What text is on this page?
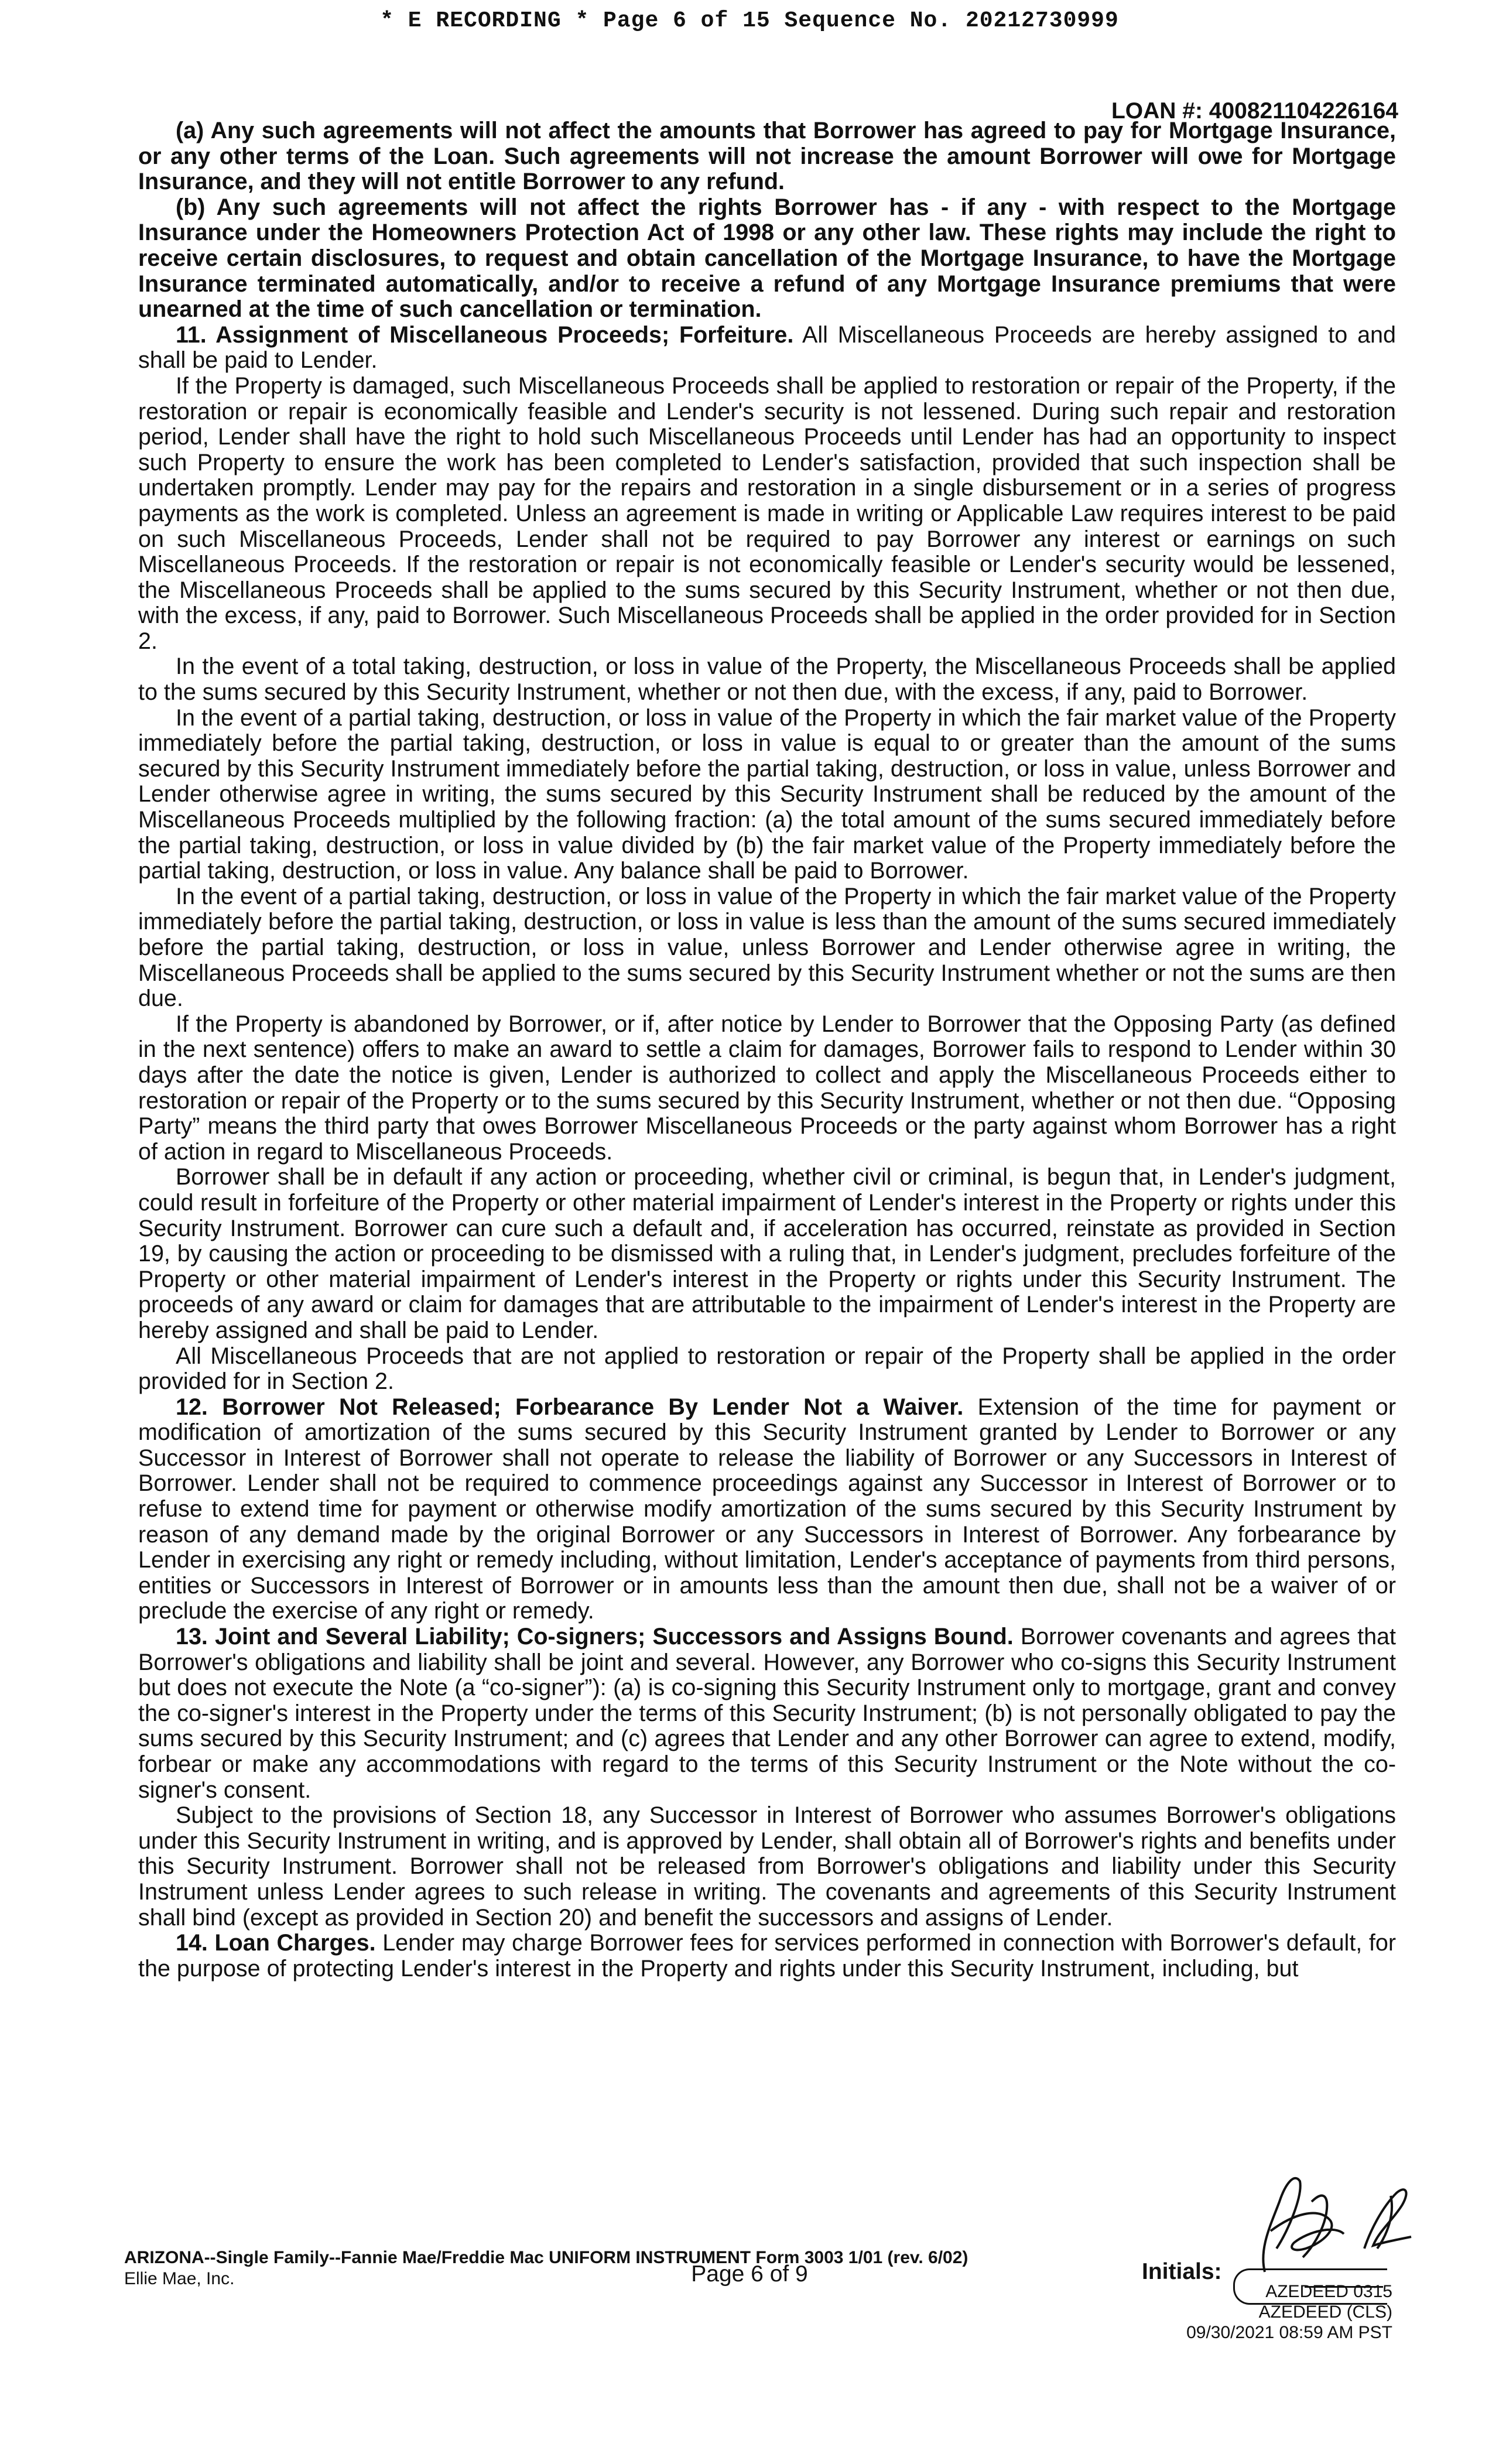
* E RECORDING * Page 6 of 15 Sequence No. 20212730999
LOAN #: 400821104226164

(a) Any such agreements will not affect the amounts that Borrower has agreed to pay for Mortgage Insurance, or any other terms of the Loan. Such agreements will not increase the amount Borrower will owe for Mortgage Insurance, and they will not entitle Borrower to any refund.

(b) Any such agreements will not affect the rights Borrower has - if any - with respect to the Mortgage Insurance under the Homeowners Protection Act of 1998 or any other law. These rights may include the right to receive certain disclosures, to request and obtain cancellation of the Mortgage Insurance, to have the Mortgage Insurance terminated automatically, and/or to receive a refund of any Mortgage Insurance premiums that were unearned at the time of such cancellation or termination.

11. Assignment of Miscellaneous Proceeds; Forfeiture. All Miscellaneous Proceeds are hereby assigned to and shall be paid to Lender.

If the Property is damaged, such Miscellaneous Proceeds shall be applied to restoration or repair of the Property, if the restoration or repair is economically feasible and Lender's security is not lessened. During such repair and restoration period, Lender shall have the right to hold such Miscellaneous Proceeds until Lender has had an opportunity to inspect such Property to ensure the work has been completed to Lender's satisfaction, provided that such inspection shall be undertaken promptly. Lender may pay for the repairs and restoration in a single disbursement or in a series of progress payments as the work is completed. Unless an agreement is made in writing or Applicable Law requires interest to be paid on such Miscellaneous Proceeds, Lender shall not be required to pay Borrower any interest or earnings on such Miscellaneous Proceeds. If the restoration or repair is not economically feasible or Lender's security would be lessened, the Miscellaneous Proceeds shall be applied to the sums secured by this Security Instrument, whether or not then due, with the excess, if any, paid to Borrower. Such Miscellaneous Proceeds shall be applied in the order provided for in Section 2.

In the event of a total taking, destruction, or loss in value of the Property, the Miscellaneous Proceeds shall be applied to the sums secured by this Security Instrument, whether or not then due, with the excess, if any, paid to Borrower.

In the event of a partial taking, destruction, or loss in value of the Property in which the fair market value of the Property immediately before the partial taking, destruction, or loss in value is equal to or greater than the amount of the sums secured by this Security Instrument immediately before the partial taking, destruction, or loss in value, unless Borrower and Lender otherwise agree in writing, the sums secured by this Security Instrument shall be reduced by the amount of the Miscellaneous Proceeds multiplied by the following fraction: (a) the total amount of the sums secured immediately before the partial taking, destruction, or loss in value divided by (b) the fair market value of the Property immediately before the partial taking, destruction, or loss in value. Any balance shall be paid to Borrower.

In the event of a partial taking, destruction, or loss in value of the Property in which the fair market value of the Property immediately before the partial taking, destruction, or loss in value is less than the amount of the sums secured immediately before the partial taking, destruction, or loss in value, unless Borrower and Lender otherwise agree in writing, the Miscellaneous Proceeds shall be applied to the sums secured by this Security Instrument whether or not the sums are then due.

If the Property is abandoned by Borrower, or if, after notice by Lender to Borrower that the Opposing Party (as defined in the next sentence) offers to make an award to settle a claim for damages, Borrower fails to respond to Lender within 30 days after the date the notice is given, Lender is authorized to collect and apply the Miscellaneous Proceeds either to restoration or repair of the Property or to the sums secured by this Security Instrument, whether or not then due. “Opposing Party” means the third party that owes Borrower Miscellaneous Proceeds or the party against whom Borrower has a right of action in regard to Miscellaneous Proceeds.

Borrower shall be in default if any action or proceeding, whether civil or criminal, is begun that, in Lender's judgment, could result in forfeiture of the Property or other material impairment of Lender's interest in the Property or rights under this Security Instrument. Borrower can cure such a default and, if acceleration has occurred, reinstate as provided in Section 19, by causing the action or proceeding to be dismissed with a ruling that, in Lender's judgment, precludes forfeiture of the Property or other material impairment of Lender's interest in the Property or rights under this Security Instrument. The proceeds of any award or claim for damages that are attributable to the impairment of Lender's interest in the Property are hereby assigned and shall be paid to Lender.

All Miscellaneous Proceeds that are not applied to restoration or repair of the Property shall be applied in the order provided for in Section 2.

12. Borrower Not Released; Forbearance By Lender Not a Waiver. Extension of the time for payment or modification of amortization of the sums secured by this Security Instrument granted by Lender to Borrower or any Successor in Interest of Borrower shall not operate to release the liability of Borrower or any Successors in Interest of Borrower. Lender shall not be required to commence proceedings against any Successor in Interest of Borrower or to refuse to extend time for payment or otherwise modify amortization of the sums secured by this Security Instrument by reason of any demand made by the original Borrower or any Successors in Interest of Borrower. Any forbearance by Lender in exercising any right or remedy including, without limitation, Lender's acceptance of payments from third persons, entities or Successors in Interest of Borrower or in amounts less than the amount then due, shall not be a waiver of or preclude the exercise of any right or remedy.

13. Joint and Several Liability; Co-signers; Successors and Assigns Bound. Borrower covenants and agrees that Borrower's obligations and liability shall be joint and several. However, any Borrower who co-signs this Security Instrument but does not execute the Note (a “co-signer”): (a) is co-signing this Security Instrument only to mortgage, grant and convey the co-signer's interest in the Property under the terms of this Security Instrument; (b) is not personally obligated to pay the sums secured by this Security Instrument; and (c) agrees that Lender and any other Borrower can agree to extend, modify, forbear or make any accommodations with regard to the terms of this Security Instrument or the Note without the co-signer's consent.

Subject to the provisions of Section 18, any Successor in Interest of Borrower who assumes Borrower's obligations under this Security Instrument in writing, and is approved by Lender, shall obtain all of Borrower's rights and benefits under this Security Instrument. Borrower shall not be released from Borrower's obligations and liability under this Security Instrument unless Lender agrees to such release in writing. The covenants and agreements of this Security Instrument shall bind (except as provided in Section 20) and benefit the successors and assigns of Lender.

14. Loan Charges. Lender may charge Borrower fees for services performed in connection with Borrower's default, for the purpose of protecting Lender's interest in the Property and rights under this Security Instrument, including, but

ARIZONA--Single Family--Fannie Mae/Freddie Mac UNIFORM INSTRUMENT Form 3003 1/01 (rev. 6/02)
Ellie Mae, Inc.	Page 6 of 9	Initials:
AZEDEED 0315
AZEDEED (CLS)
09/30/2021 08:59 AM PST
